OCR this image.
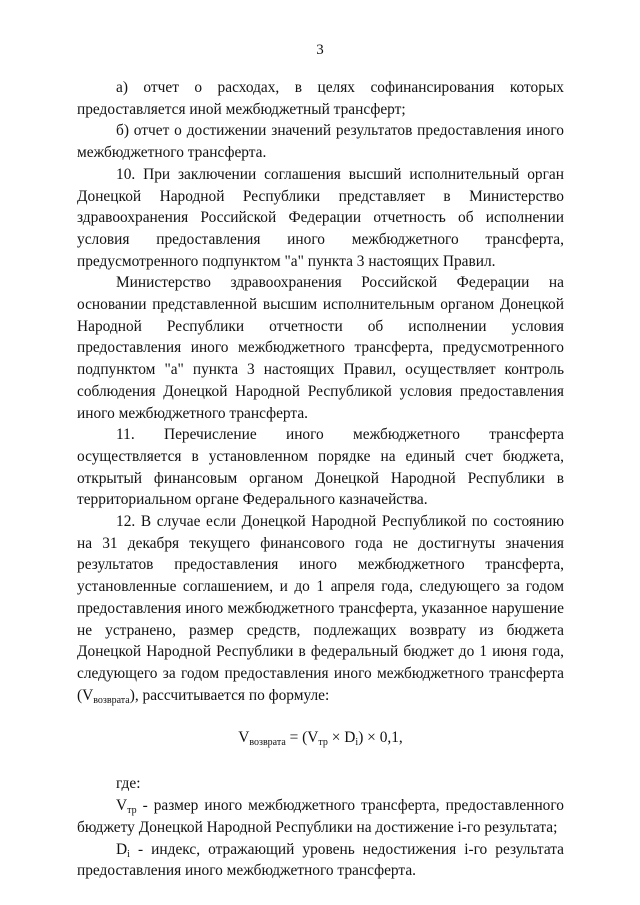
3

а) отчет о расходах, в целях софинансирования которых предоставляется иной межбюджетный трансферт;

б) отчет о достижении значений результатов предоставления иного межбюджетного трансферта.

10. При заключении соглашения высший исполнительный орган Донецкой Народной Республики представляет в Министерство здравоохранения Российской Федерации отчетность об исполнении условия предоставления иного межбюджетного трансферта, предусмотренного подпунктом "а" пункта 3 настоящих Правил.

Министерство здравоохранения Российской Федерации на основании представленной высшим исполнительным органом Донецкой Народной Республики отчетности об исполнении условия предоставления иного межбюджетного трансферта, предусмотренного подпунктом "а" пункта 3 настоящих Правил, осуществляет контроль соблюдения Донецкой Народной Республикой условия предоставления иного межбюджетного трансферта.

11. Перечисление иного межбюджетного трансферта осуществляется в установленном порядке на единый счет бюджета, открытый финансовым органом Донецкой Народной Республики в территориальном органе Федерального казначейства.

12. В случае если Донецкой Народной Республикой по состоянию на 31 декабря текущего финансового года не достигнуты значения результатов предоставления иного межбюджетного трансферта, установленные соглашением, и до 1 апреля года, следующего за годом предоставления иного межбюджетного трансферта, указанное нарушение не устранено, размер средств, подлежащих возврату из бюджета Донецкой Народной Республики в федеральный бюджет до 1 июня года, следующего за годом предоставления иного межбюджетного трансферта $(V_{возврата})$, рассчитывается по формуле:

$V_{возврата} = (V_{тр} \times D_i) \times 0,1$,

где:

$V_{тр}$ - размер иного межбюджетного трансферта, предоставленного бюджету Донецкой Народной Республики на достижение i-го результата;

$D_i$ - индекс, отражающий уровень недостижения i-го результата предоставления иного межбюджетного трансферта.
